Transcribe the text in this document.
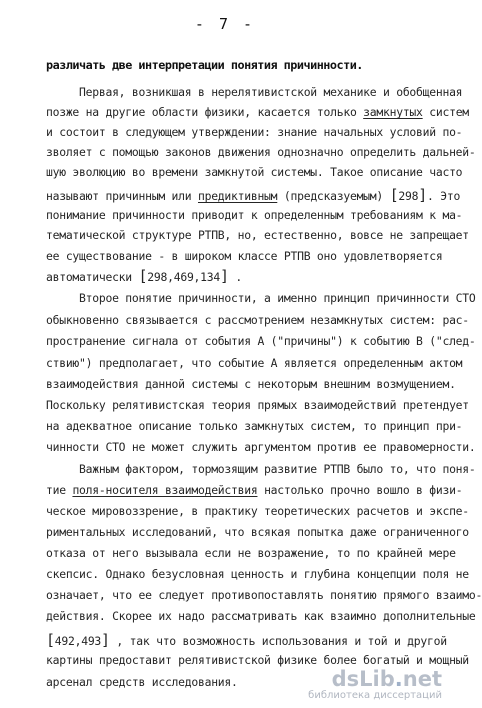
- 7 -
различать две интерпретации понятия причинности.
Первая, возникшая в нерелятивистской механике и обобщенная
позже на другие области физики, касается только замкнутых систем
и состоит в следующем утверждении: знание начальных условий по-
зволяет с помощью законов движения однозначно определить дальней-
шую эволюцию во времени замкнутой системы. Такое описание часто
называют причинным или предиктивным (предсказуемым) [298]. Это
понимание причинности приводит к определенным требованиям к ма-
тематической структуре РТПВ, но, естественно, вовсе не запрещает
ее существование - в широком классе РТПВ оно удовлетворяется
автоматически [298,469,134] .
Второе понятие причинности, а именно принцип причинности СТО
обыкновенно связывается с рассмотрением незамкнутых систем: рас-
пространение сигнала от события А ("причины") к событию В ("след-
ствию") предполагает, что событие А является определенным актом
взаимодействия данной системы с некоторым внешним возмущением.
Поскольку релятивистская теория прямых взаимодействий претендует
на адекватное описание только замкнутых систем, то принцип при-
чинности СТО не может служить аргументом против ее правомерности.
Важным фактором, тормозящим развитие РТПВ было то, что поня-
тие поля-носителя взаимодействия настолько прочно вошло в физи-
ческое мировоззрение, в практику теоретических расчетов и экспе-
риментальных исследований, что всякая попытка даже ограниченного
отказа от него вызывала если не возражение, то по крайней мере
скепсис. Однако безусловная ценность и глубина концепции поля не
означает, что ее следует противопоставлять понятию прямого взаимо-
действия. Скорее их надо рассматривать как взаимно дополнительные
[492,493] , так что возможность использования и той и другой
картины предоставит релятивистской физике более богатый и мощный
арсенал средств исследования.	dsLib.net
библиотека диссертаций
